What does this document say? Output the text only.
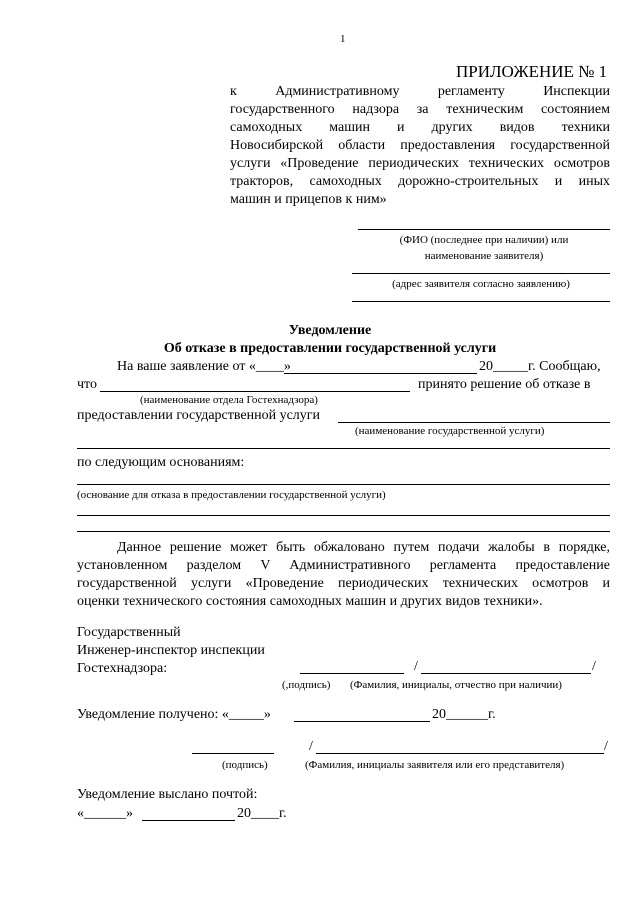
1
ПРИЛОЖЕНИЕ № 1
к Административному регламенту Инспекции
государственного надзора за техническим состоянием
самоходных машин и других видов техники
Новосибирской области предоставления государственной
услуги «Проведение периодических технических осмотров
тракторов, самоходных дорожно-строительных и иных
машин и прицепов к ним»
(ФИО (последнее при наличии) или
наименование заявителя)
(адрес заявителя согласно заявлению)
Уведомление
Об отказе в предоставлении государственной услуги
На ваше заявление от «____»	20_____г. Сообщаю,
что	принято решение об отказе в
(наименование отдела Гостехнадзора)
предоставлении государственной услуги
(наименование государственной услуги)
по следующим основаниям:
(основание для отказа в предоставлении государственной услуги)
Данное решение может быть обжаловано путем подачи жалобы в порядке,
установленном разделом V Административного регламента предоставление
государственной услуги «Проведение периодических технических осмотров и
оценки технического состояния самоходных машин и других видов техники».
Государственный
Инженер-инспектор инспекции
Гостехнадзора:	/	/
(,подпись) (Фамилия, инициалы, отчество при наличии)
Уведомление получено: «_____»	20______г.
/	/
(подпись)	(Фамилия, инициалы заявителя или его представителя)
Уведомление выслано почтой:
«______»	20____г.
